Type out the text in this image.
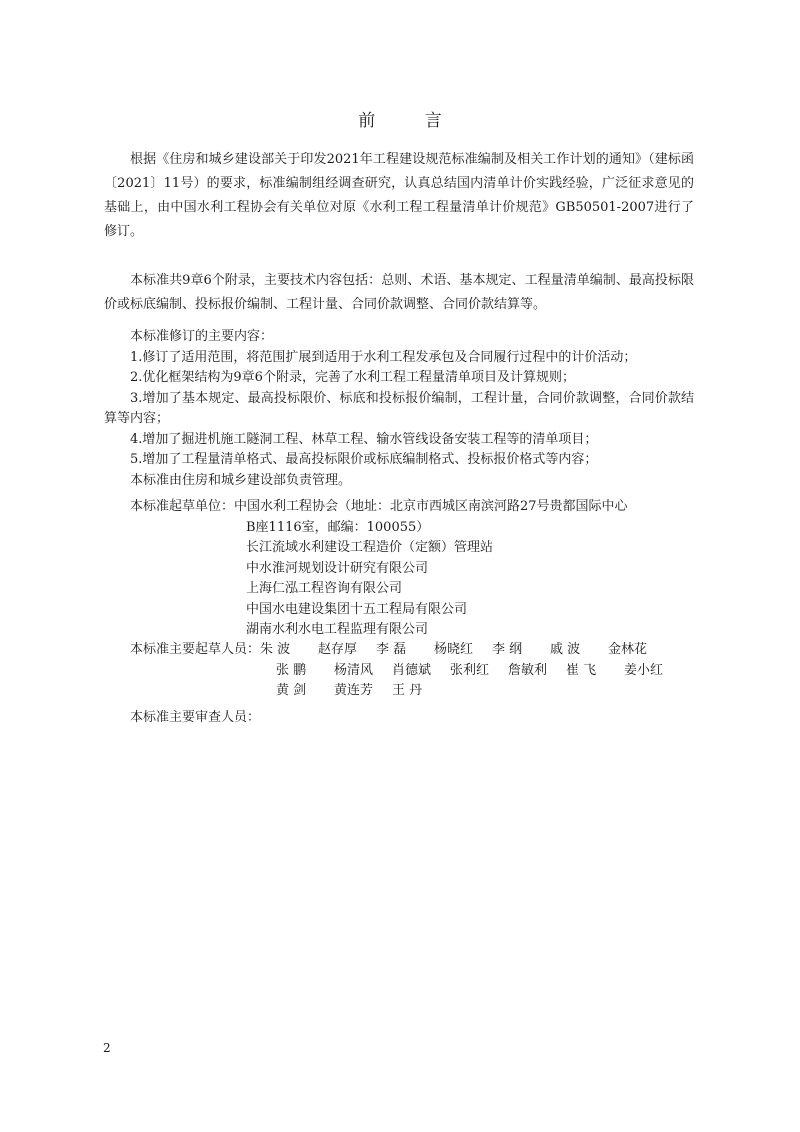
前 言

根据《住房和城乡建设部关于印发2021年工程建设规范标准编制及相关工作计划的通知》（建标函〔2021〕11号）的要求，标准编制组经调查研究，认真总结国内清单计价实践经验，广泛征求意见的基础上，由中国水利工程协会有关单位对原《水利工程工程量清单计价规范》GB50501-2007进行了修订。

本标准共9章6个附录，主要技术内容包括：总则、术语、基本规定、工程量清单编制、最高投标限价或标底编制、投标报价编制、工程计量、合同价款调整、合同价款结算等。

本标准修订的主要内容：

1.修订了适用范围，将范围扩展到适用于水利工程发承包及合同履行过程中的计价活动；

2.优化框架结构为9章6个附录，完善了水利工程工程量清单项目及计算规则；

3.增加了基本规定、最高投标限价、标底和投标报价编制，工程计量，合同价款调整，合同价款结算等内容；

4.增加了掘进机施工隧洞工程、林草工程、输水管线设备安装工程等的清单项目；

5.增加了工程量清单格式、最高投标限价或标底编制格式、投标报价格式等内容；

本标准由住房和城乡建设部负责管理。

本标准起草单位： 中国水利工程协会（地址：北京市西城区南滨河路27号贵都国际中心
B座1116室，邮编：100055）
长江流域水利建设工程造价（定额）管理站
中水淮河规划设计研究有限公司
上海仁泓工程咨询有限公司
中国水电建设集团十五工程局有限公司
湖南水利水电工程监理有限公司
本标准主要起草人员： 朱 波	赵存厚	李 磊	杨晓红	李 纲	戚 波	金林花
张 鹏	杨清风	肖德斌	张利红	詹敏利	崔 飞	姜小红
黄 剑	黄连芳	王 丹
本标准主要审查人员：
2
